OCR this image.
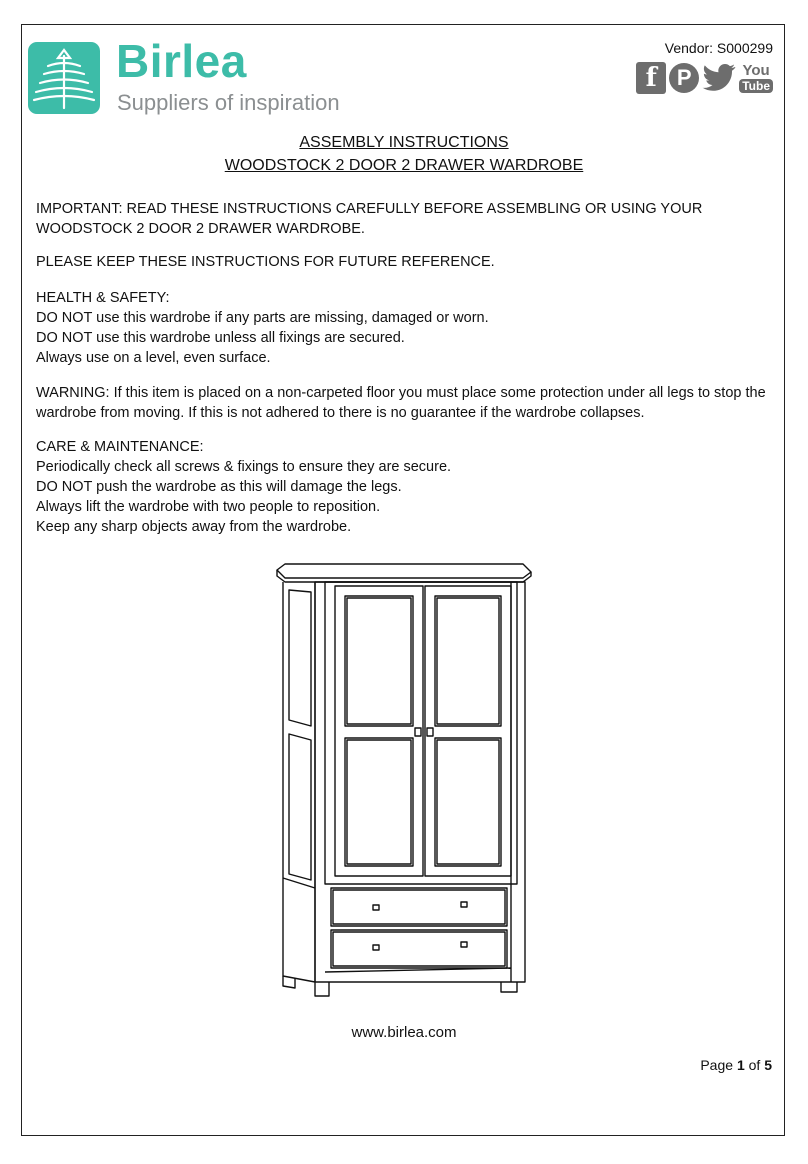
Birlea
Suppliers of inspiration
Vendor: S000299
f P	You
Tube
ASSEMBLY INSTRUCTIONS
WOODSTOCK 2 DOOR 2 DRAWER WARDROBE

IMPORTANT: READ THESE INSTRUCTIONS CAREFULLY BEFORE ASSEMBLING OR USING YOUR WOODSTOCK 2 DOOR 2 DRAWER WARDROBE.

PLEASE KEEP THESE INSTRUCTIONS FOR FUTURE REFERENCE.

HEALTH & SAFETY:

DO NOT use this wardrobe if any parts are missing, damaged or worn.

DO NOT use this wardrobe unless all fixings are secured.

Always use on a level, even surface.

WARNING: If this item is placed on a non-carpeted floor you must place some protection under all legs to stop the wardrobe from moving. If this is not adhered to there is no guarantee if the wardrobe collapses.

CARE & MAINTENANCE:

Periodically check all screws & fixings to ensure they are secure.

DO NOT push the wardrobe as this will damage the legs.

Always lift the wardrobe with two people to reposition.

Keep any sharp objects away from the wardrobe.

www.birlea.com
Page 1 of 5
